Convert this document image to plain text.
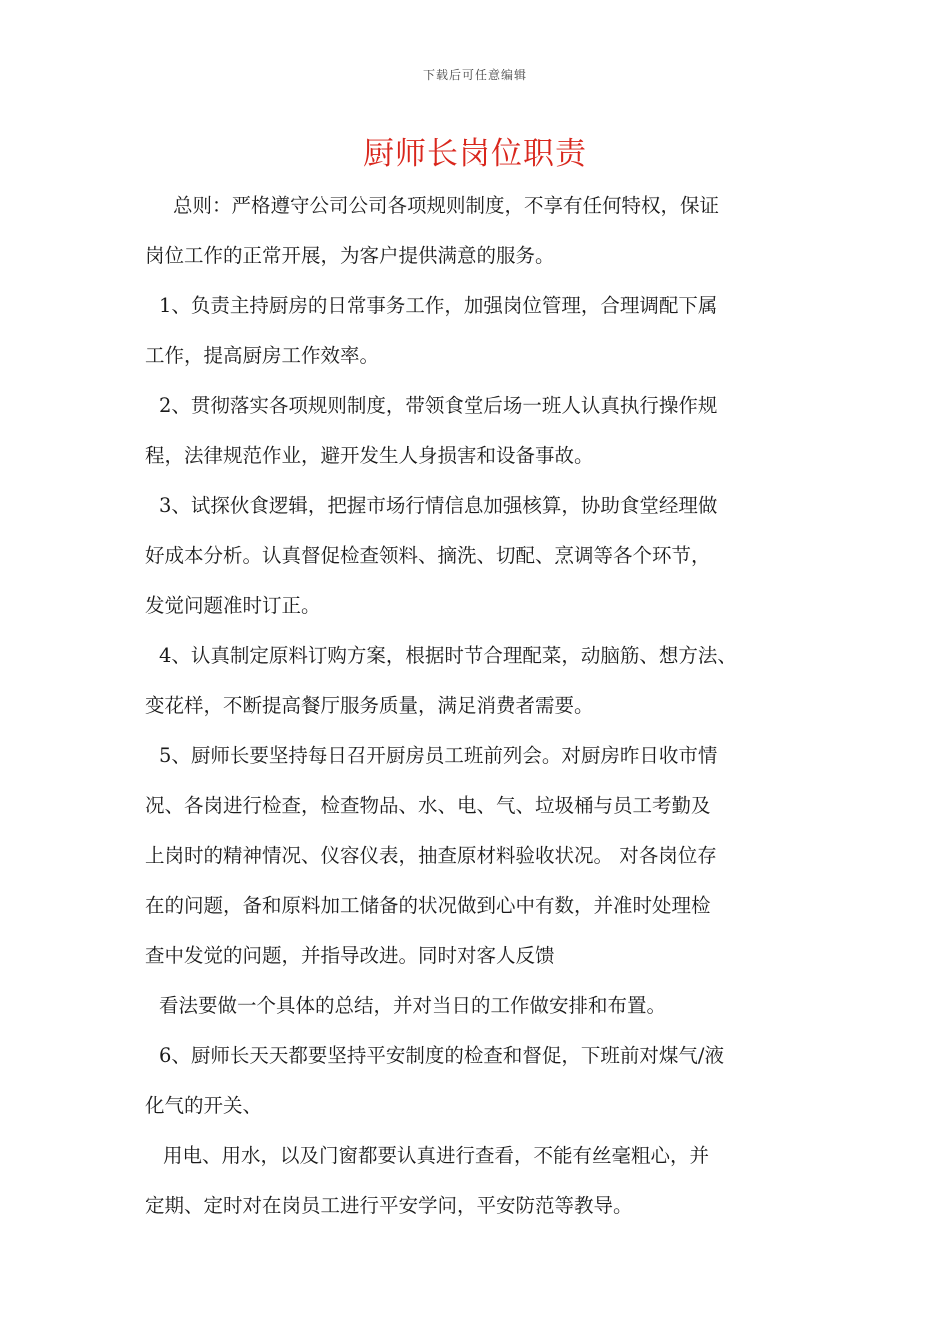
下载后可任意编辑
厨师长岗位职责
总则：严格遵守公司公司各项规则制度，不享有任何特权，保证
岗位工作的正常开展，为客户提供满意的服务。
1、负责主持厨房的日常事务工作，加强岗位管理，合理调配下属
工作，提高厨房工作效率。
2、贯彻落实各项规则制度，带领食堂后场一班人认真执行操作规
程，法律规范作业，避开发生人身损害和设备事故。
3、试探伙食逻辑，把握市场行情信息加强核算，协助食堂经理做
好成本分析。认真督促检查领料、摘洗、切配、烹调等各个环节，
发觉问题准时订正。
4、认真制定原料订购方案，根据时节合理配菜，动脑筋、想方法、
变花样，不断提高餐厅服务质量，满足消费者需要。
5、厨师长要坚持每日召开厨房员工班前列会。对厨房昨日收市情
况、各岗进行检查，检查物品、水、电、气、垃圾桶与员工考勤及
上岗时的精神情况、仪容仪表，抽查原材料验收状况。 对各岗位存
在的问题，备和原料加工储备的状况做到心中有数，并准时处理检
查中发觉的问题，并指导改进。同时对客人反馈
看法要做一个具体的总结，并对当日的工作做安排和布置。
6、厨师长天天都要坚持平安制度的检查和督促，下班前对煤气/液
化气的开关、
用电、用水，以及门窗都要认真进行查看，不能有丝毫粗心，并
定期、定时对在岗员工进行平安学问，平安防范等教导。
